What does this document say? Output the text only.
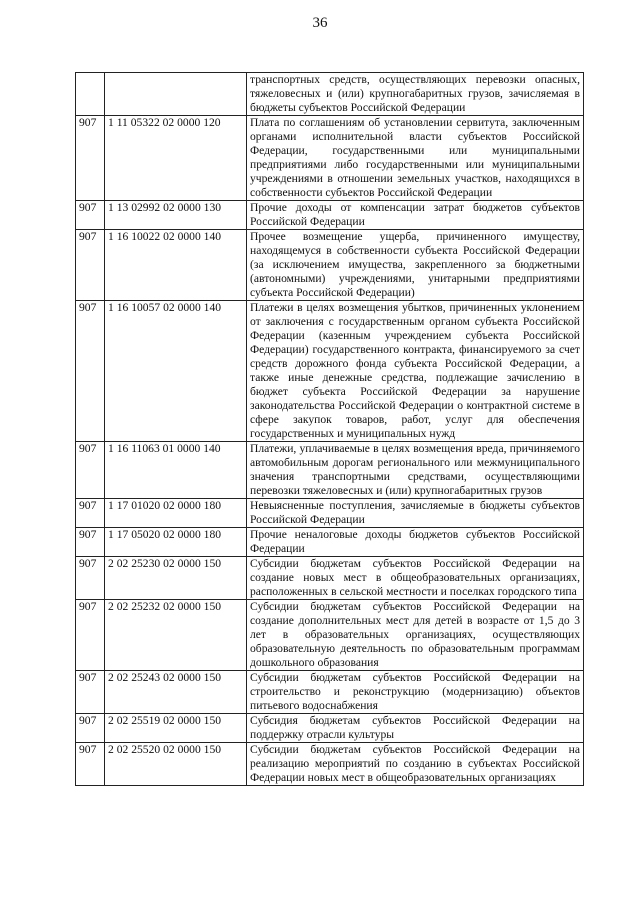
36
		транспортных средств, осуществляющих перевозки опасных, тяжеловесных и (или) крупногабаритных грузов, зачисляемая в бюджеты субъектов Российской Федерации
907	1 11 05322 02 0000 120	Плата по соглашениям об установлении сервитута, заключенным органами исполнительной власти субъектов Российской Федерации, государственными или муниципальными предприятиями либо государственными или муниципальными учреждениями в отношении земельных участков, находящихся в собственности субъектов Российской Федерации
907	1 13 02992 02 0000 130	Прочие доходы от компенсации затрат бюджетов субъектов Российской Федерации
907	1 16 10022 02 0000 140	Прочее возмещение ущерба, причиненного имуществу, находящемуся в собственности субъекта Российской Федерации (за исключением имущества, закрепленного за бюджетными (автономными) учреждениями, унитарными предприятиями субъекта Российской Федерации)
907	1 16 10057 02 0000 140	Платежи в целях возмещения убытков, причиненных уклонением от заключения с государственным органом субъекта Российской Федерации (казенным учреждением субъекта Российской Федерации) государственного контракта, финансируемого за счет средств дорожного фонда субъекта Российской Федерации, а также иные денежные средства, подлежащие зачислению в бюджет субъекта Российской Федерации за нарушение законодательства Российской Федерации о контрактной системе в сфере закупок товаров, работ, услуг для обеспечения государственных и муниципальных нужд
907	1 16 11063 01 0000 140	Платежи, уплачиваемые в целях возмещения вреда, причиняемого автомобильным дорогам регионального или межмуниципального значения транспортными средствами, осуществляющими перевозки тяжеловесных и (или) крупногабаритных грузов
907	1 17 01020 02 0000 180	Невыясненные поступления, зачисляемые в бюджеты субъектов Российской Федерации
907	1 17 05020 02 0000 180	Прочие неналоговые доходы бюджетов субъектов Российской Федерации
907	2 02 25230 02 0000 150	Субсидии бюджетам субъектов Российской Федерации на создание новых мест в общеобразовательных организациях, расположенных в сельской местности и поселках городского типа
907	2 02 25232 02 0000 150	Субсидии бюджетам субъектов Российской Федерации на создание дополнительных мест для детей в возрасте от 1,5 до 3 лет в образовательных организациях, осуществляющих образовательную деятельность по образовательным программам дошкольного образования
907	2 02 25243 02 0000 150	Субсидии бюджетам субъектов Российской Федерации на строительство и реконструкцию (модернизацию) объектов питьевого водоснабжения
907	2 02 25519 02 0000 150	Субсидия бюджетам субъектов Российской Федерации на поддержку отрасли культуры
907	2 02 25520 02 0000 150	Субсидии бюджетам субъектов Российской Федерации на реализацию мероприятий по созданию в субъектах Российской Федерации новых мест в общеобразовательных организациях
